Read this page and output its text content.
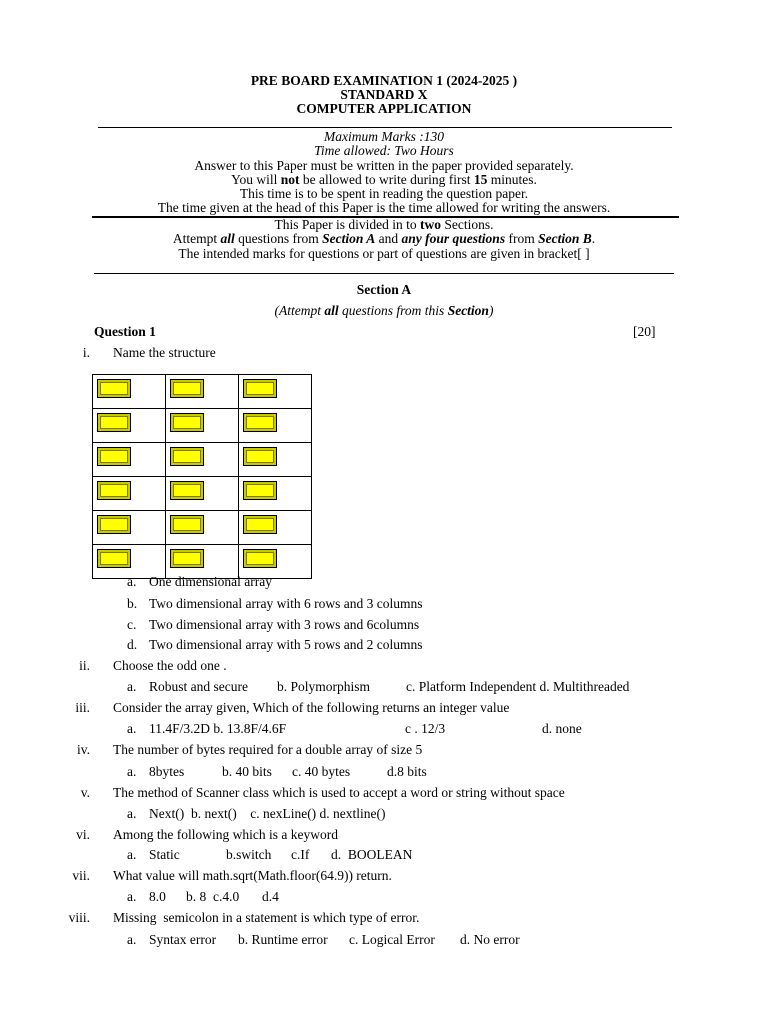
PRE BOARD EXAMINATION 1 (2024-2025 )
STANDARD X
COMPUTER APPLICATION
Maximum Marks :130
Time allowed: Two Hours
Answer to this Paper must be written in the paper provided separately.
You will not be allowed to write during first 15 minutes.
This time is to be spent in reading the question paper.
The time given at the head of this Paper is the time allowed for writing the answers.
This Paper is divided in to two Sections.
Attempt all questions from Section A and any four questions from Section B.
The intended marks for questions or part of questions are given in bracket[ ]
Section A
(Attempt all questions from this Section)
Question 1	[20]
i. Name the structure

a. One dimensional array
b. Two dimensional array with 6 rows and 3 columns
c. Two dimensional array with 3 rows and 6columns
d. Two dimensional array with 5 rows and 2 columns
ii. Choose the odd one .
a. Robust and secure b. Polymorphism	c. Platform Independent d. Multithreaded
iii. Consider the array given, Which of the following returns an integer value
a. 11.4F/3.2D b. 13.8F/4.6F	c . 12/3	d. none
iv. The number of bytes required for a double array of size 5
a. 8bytes	b. 40 bits c. 40 bytes	d.8 bits
v. The method of Scanner class which is used to accept a word or string without space
a. Next()  b. next()    c. nexLine() d. nextline()
vi. Among the following which is a keyword
a. Static	b.switch c.If d.  BOOLEAN
vii. What value will math.sqrt(Math.floor(64.9)) return.
a. 8.0 b. 8  c.4.0 d.4
viii. Missing  semicolon in a statement is which type of error.
a. Syntax error b. Runtime error c. Logical Error d. No error
